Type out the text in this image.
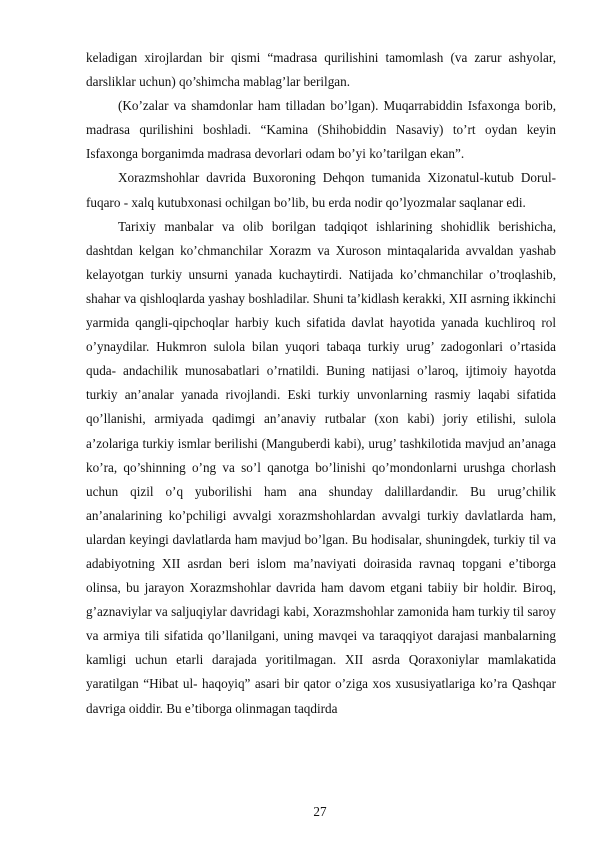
keladigan xirojlardan bir qismi “madrasa qurilishini tamomlash (va zarur ashyolar, darsliklar uchun) qo’shimcha mablag’lar berilgan.

(Ko’zalar va shamdonlar ham tilladan bo’lgan). Muqarrabiddin Isfaxonga borib, madrasa qurilishini boshladi. “Kamina (Shihobiddin Nasaviy) to’rt oydan keyin Isfaxonga borganimda madrasa devorlari odam bo’yi ko’tarilgan ekan”.

Xorazmshohlar davrida Buxoroning Dehqon tumanida Xizonatul-kutub Dorul-fuqaro - xalq kutubxonasi ochilgan bo’lib, bu erda nodir qo’lyozmalar saqlanar edi.

Tarixiy manbalar va olib borilgan tadqiqot ishlarining shohidlik berishicha, dashtdan kelgan ko’chmanchilar Xorazm va Xuroson mintaqalarida avvaldan yashab kelayotgan turkiy unsurni yanada kuchaytirdi. Natijada ko’chmanchilar o’troqlashib, shahar va qishloqlarda yashay boshladilar. Shuni ta’kidlash kerakki, XII asrning ikkinchi yarmida qangli-qipchoqlar harbiy kuch sifatida davlat hayotida yanada kuchliroq rol o’ynaydilar. Hukmron sulola bilan yuqori tabaqa turkiy urug’ zadogonlari o’rtasida quda- andachilik munosabatlari o’rnatildi. Buning natijasi o’laroq, ijtimoiy hayotda turkiy an’analar yanada rivojlandi. Eski turkiy unvonlarning rasmiy laqabi sifatida qo’llanishi, armiyada qadimgi an’anaviy rutbalar (xon kabi) joriy etilishi, sulola a’zolariga turkiy ismlar berilishi (Manguberdi kabi), urug’ tashkilotida mavjud an’anaga ko’ra, qo’shinning o’ng va so’l qanotga bo’linishi qo’mondonlarni urushga chorlash uchun qizil o’q yuborilishi ham ana shunday dalillardandir. Bu urug’chilik an’analarining ko’pchiligi avvalgi xorazmshohlardan avvalgi turkiy davlatlarda ham, ulardan keyingi davlatlarda ham mavjud bo’lgan. Bu hodisalar, shuningdek, turkiy til va adabiyotning XII asrdan beri islom ma’naviyati doirasida ravnaq topgani e’tiborga olinsa, bu jarayon Xorazmshohlar davrida ham davom etgani tabiiy bir holdir. Biroq, g’aznaviylar va saljuqiylar davridagi kabi, Xorazmshohlar zamonida ham turkiy til saroy va armiya tili sifatida qo’llanilgani, uning mavqei va taraqqiyot darajasi manbalarning kamligi uchun etarli darajada yoritilmagan. XII asrda Qoraxoniylar mamlakatida yaratilgan “Hibat ul- haqoyiq” asari bir qator o’ziga xos xususiyatlariga ko’ra Qashqar davriga oiddir. Bu e’tiborga olinmagan taqdirda

27
